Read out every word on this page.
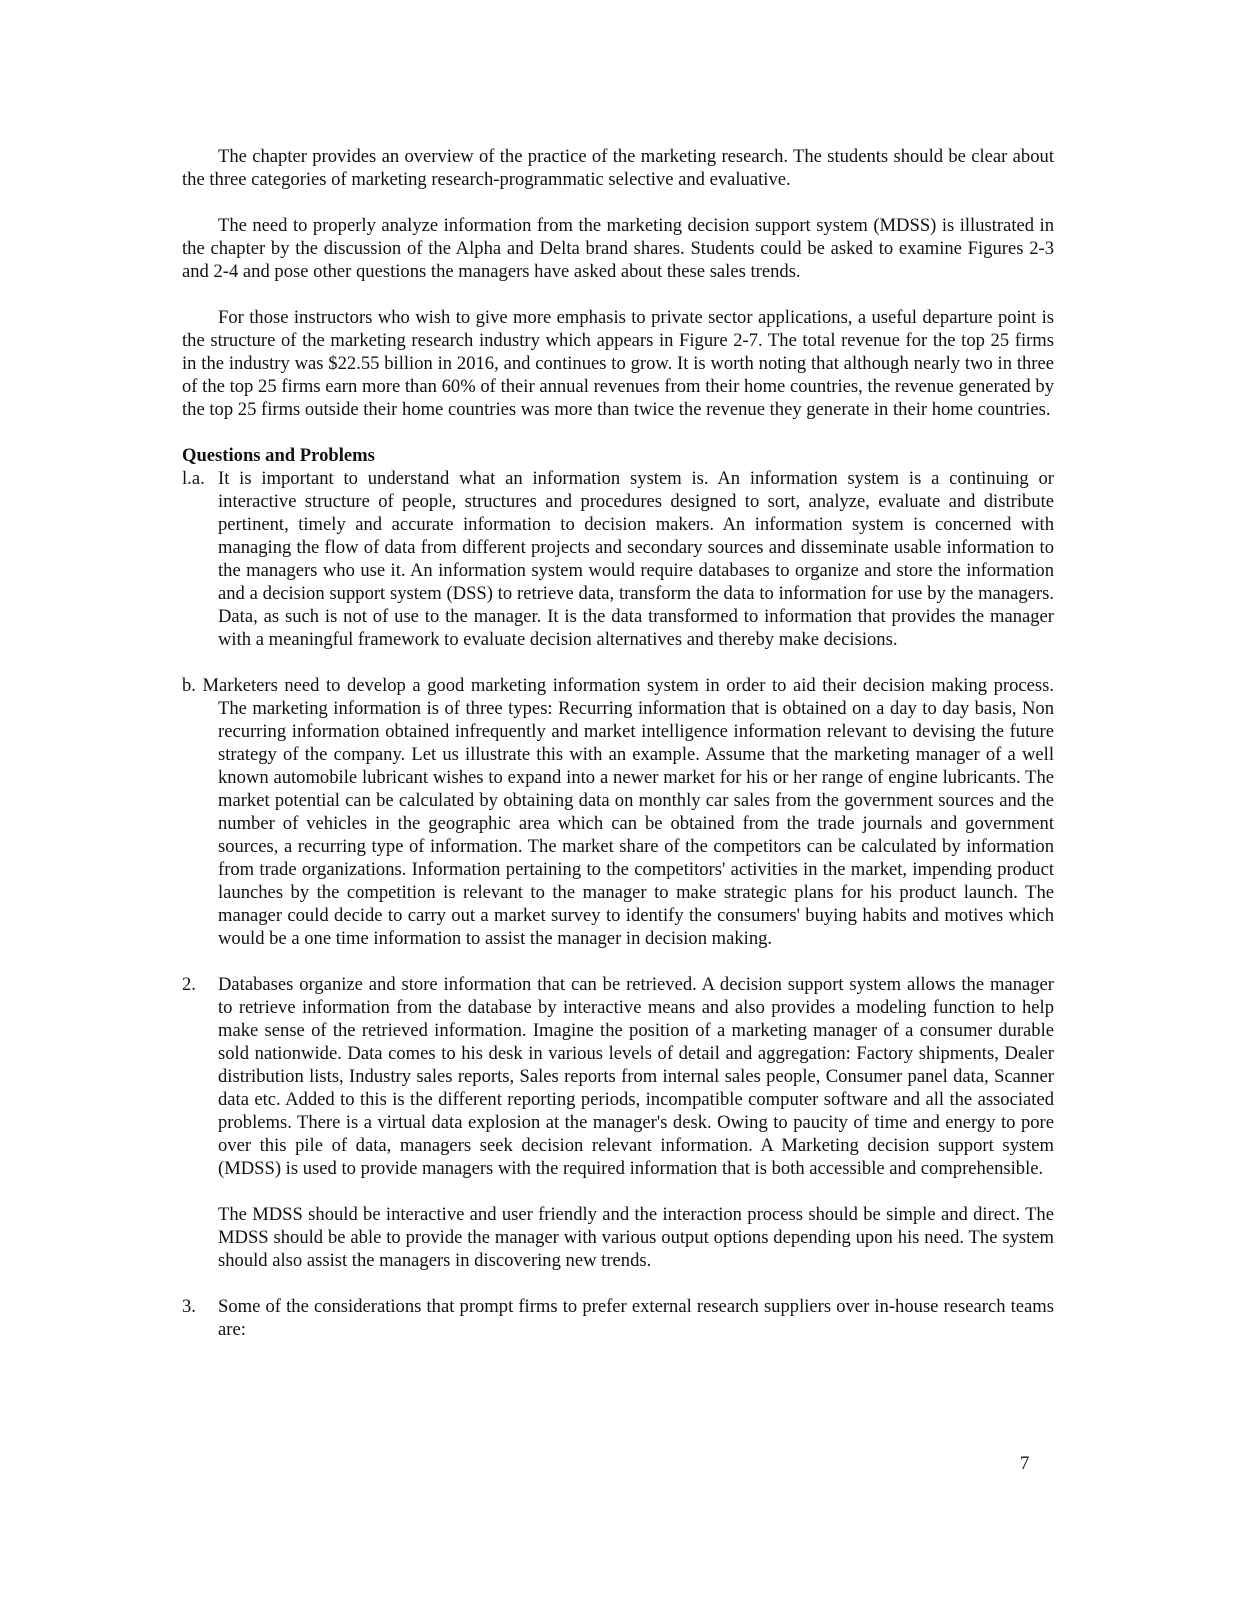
The chapter provides an overview of the practice of the marketing research. The students should be clear about the three categories of marketing research-programmatic selective and evaluative.

The need to properly analyze information from the marketing decision support system (MDSS) is illustrated in the chapter by the discussion of the Alpha and Delta brand shares. Students could be asked to examine Figures 2-3 and 2-4 and pose other questions the managers have asked about these sales trends.

For those instructors who wish to give more emphasis to private sector applications, a useful departure point is the structure of the marketing research industry which appears in Figure 2-7. The total revenue for the top 25 firms in the industry was $22.55 billion in 2016, and continues to grow. It is worth noting that although nearly two in three of the top 25 firms earn more than 60% of their annual revenues from their home countries, the revenue generated by the top 25 firms outside their home countries was more than twice the revenue they generate in their home countries.

Questions and Problems

l.a. It is important to understand what an information system is. An information system is a continuing or interactive structure of people, structures and procedures designed to sort, analyze, evaluate and distribute pertinent, timely and accurate information to decision makers. An information system is concerned with managing the flow of data from different projects and secondary sources and disseminate usable information to the managers who use it. An information system would require databases to organize and store the information and a decision support system (DSS) to retrieve data, transform the data to information for use by the managers. Data, as such is not of use to the manager. It is the data transformed to information that provides the manager with a meaningful framework to evaluate decision alternatives and thereby make decisions.

b. Marketers need to develop a good marketing information system in order to aid their decision making process. The marketing information is of three types: Recurring information that is obtained on a day to day basis, Non recurring information obtained infrequently and market intelligence information relevant to devising the future strategy of the company. Let us illustrate this with an example. Assume that the marketing manager of a well known automobile lubricant wishes to expand into a newer market for his or her range of engine lubricants. The market potential can be calculated by obtaining data on monthly car sales from the government sources and the number of vehicles in the geographic area which can be obtained from the trade journals and government sources, a recurring type of information. The market share of the competitors can be calculated by information from trade organizations. Information pertaining to the competitors' activities in the market, impending product launches by the competition is relevant to the manager to make strategic plans for his product launch. The manager could decide to carry out a market survey to identify the consumers' buying habits and motives which would be a one time information to assist the manager in decision making.

2. Databases organize and store information that can be retrieved. A decision support system allows the manager to retrieve information from the database by interactive means and also provides a modeling function to help make sense of the retrieved information. Imagine the position of a marketing manager of a consumer durable sold nationwide. Data comes to his desk in various levels of detail and aggregation: Factory shipments, Dealer distribution lists, Industry sales reports, Sales reports from internal sales people, Consumer panel data, Scanner data etc. Added to this is the different reporting periods, incompatible computer software and all the associated problems. There is a virtual data explosion at the manager's desk. Owing to paucity of time and energy to pore over this pile of data, managers seek decision relevant information. A Marketing decision support system (MDSS) is used to provide managers with the required information that is both accessible and comprehensible.

The MDSS should be interactive and user friendly and the interaction process should be simple and direct. The MDSS should be able to provide the manager with various output options depending upon his need. The system should also assist the managers in discovering new trends.

3. Some of the considerations that prompt firms to prefer external research suppliers over in-house research teams are:

7
